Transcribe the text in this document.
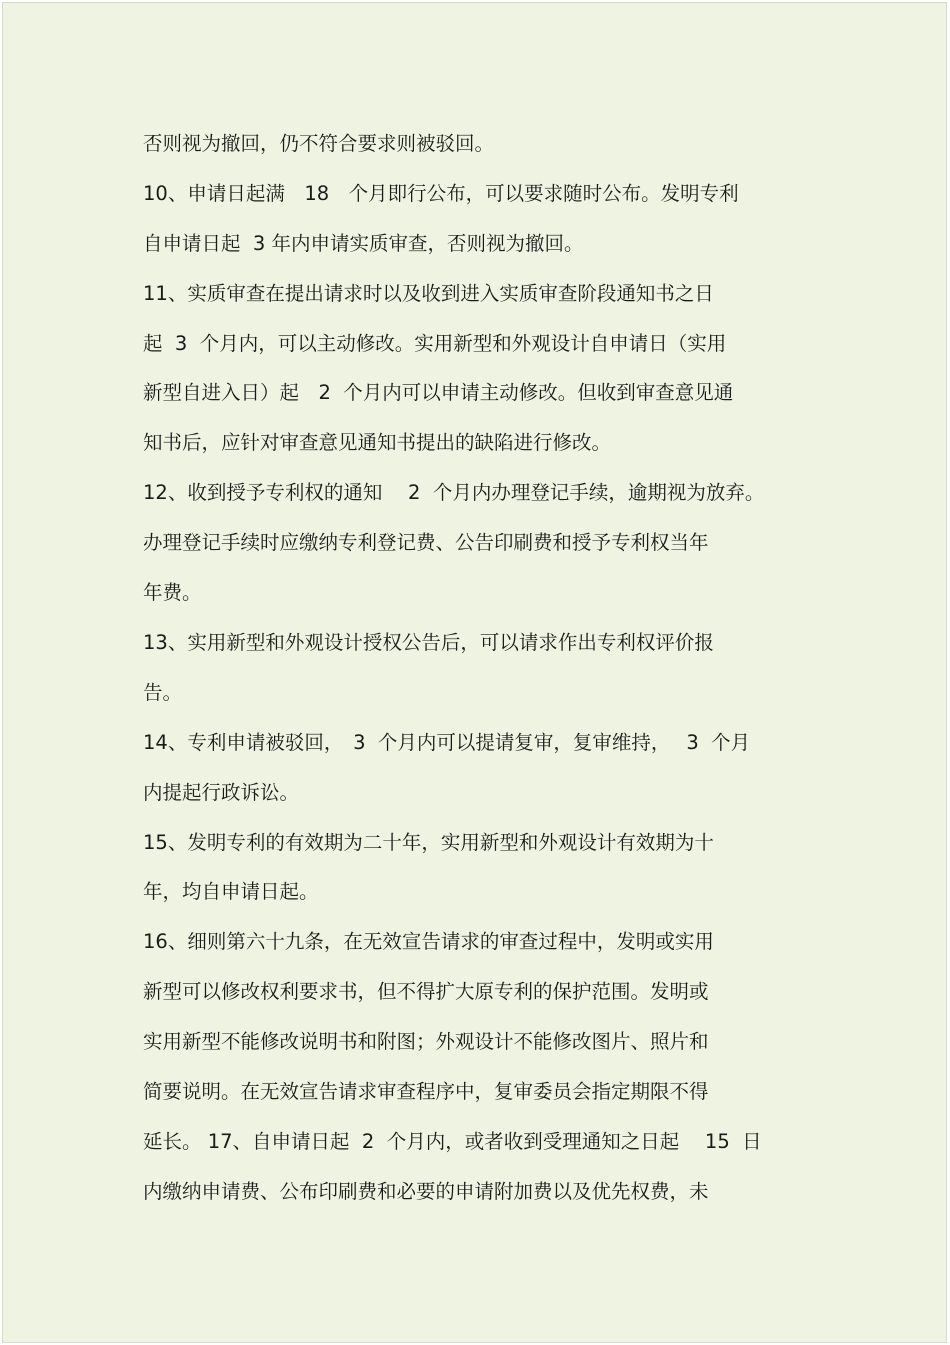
否则视为撤回，仍不符合要求则被驳回。
10、申请日起满　18　个月即行公布，可以要求随时公布。发明专利
自申请日起  3 年内申请实质审查，否则视为撤回。
11、实质审查在提出请求时以及收到进入实质审查阶段通知书之日
起  3  个月内，可以主动修改。实用新型和外观设计自申请日（实用
新型自进入日）起　2  个月内可以申请主动修改。但收到审查意见通
知书后，应针对审查意见通知书提出的缺陷进行修改。
12、收到授予专利权的通知　 2  个月内办理登记手续，逾期视为放弃。
办理登记手续时应缴纳专利登记费、公告印刷费和授予专利权当年
年费。
13、实用新型和外观设计授权公告后，可以请求作出专利权评价报
告。
14、专利申请被驳回，　3  个月内可以提请复审，复审维持，　 3  个月
内提起行政诉讼。
15、发明专利的有效期为二十年，实用新型和外观设计有效期为十
年，均自申请日起。
16、细则第六十九条，在无效宣告请求的审查过程中，发明或实用
新型可以修改权利要求书，但不得扩大原专利的保护范围。发明或
实用新型不能修改说明书和附图；外观设计不能修改图片、照片和
简要说明。在无效宣告请求审查程序中，复审委员会指定期限不得
延长。 17、自申请日起  2  个月内，或者收到受理通知之日起　 15  日
内缴纳申请费、公布印刷费和必要的申请附加费以及优先权费，未
